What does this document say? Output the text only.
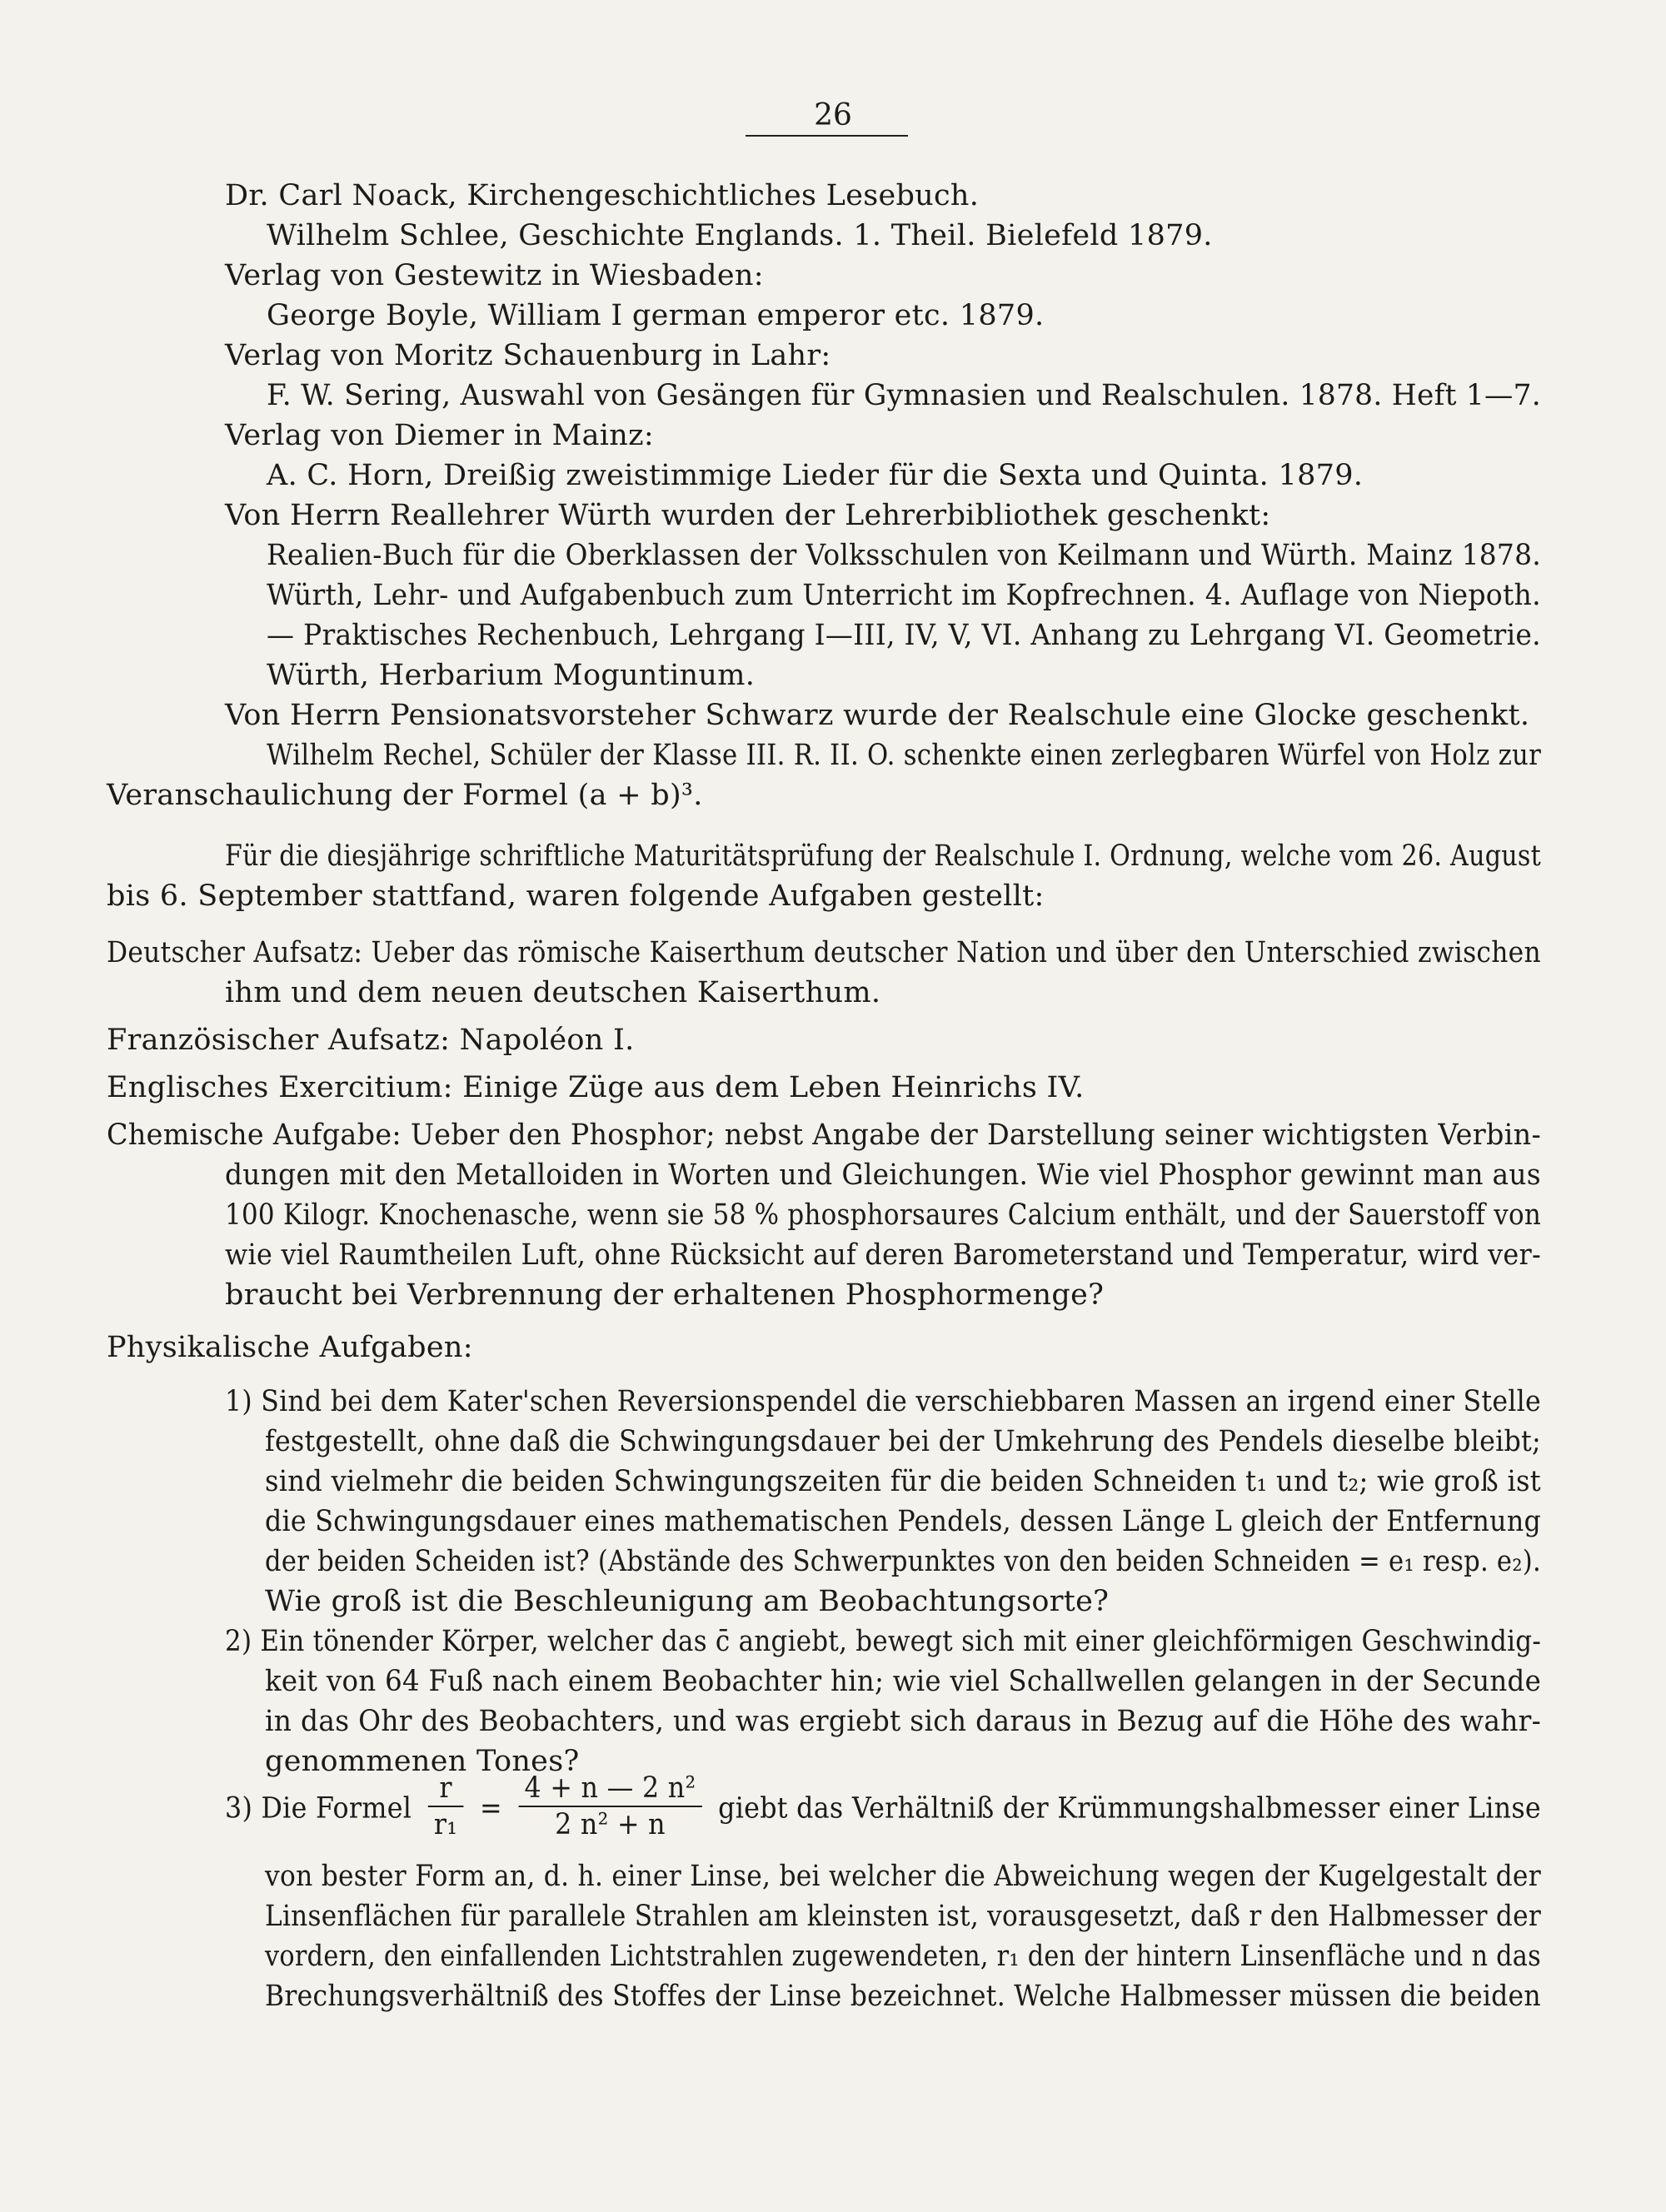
26
Dr. Carl Noack, Kirchengeschichtliches Lesebuch.
Wilhelm Schlee, Geschichte Englands. 1. Theil. Bielefeld 1879.
Verlag von Gestewitz in Wiesbaden:
George Boyle, William I german emperor etc. 1879.
Verlag von Moritz Schauenburg in Lahr:
F. W. Sering, Auswahl von Gesängen für Gymnasien und Realschulen. 1878. Heft 1—7.
Verlag von Diemer in Mainz:
A. C. Horn, Dreißig zweistimmige Lieder für die Sexta und Quinta. 1879.
Von Herrn Reallehrer Würth wurden der Lehrerbibliothek geschenkt:
Realien-Buch für die Oberklassen der Volksschulen von Keilmann und Würth. Mainz 1878.
Würth, Lehr- und Aufgabenbuch zum Unterricht im Kopfrechnen. 4. Auflage von Niepoth.
— Praktisches Rechenbuch, Lehrgang I—III, IV, V, VI. Anhang zu Lehrgang VI. Geometrie.
Würth, Herbarium Moguntinum.
Von Herrn Pensionatsvorsteher Schwarz wurde der Realschule eine Glocke geschenkt.
Wilhelm Rechel, Schüler der Klasse III. R. II. O. schenkte einen zerlegbaren Würfel von Holz zur
Veranschaulichung der Formel (a + b)³.
Für die diesjährige schriftliche Maturitätsprüfung der Realschule I. Ordnung, welche vom 26. August
bis 6. September stattfand, waren folgende Aufgaben gestellt:
Deutscher Aufsatz: Ueber das römische Kaiserthum deutscher Nation und über den Unterschied zwischen
ihm und dem neuen deutschen Kaiserthum.
Französischer Aufsatz: Napoléon I.
Englisches Exercitium: Einige Züge aus dem Leben Heinrichs IV.
Chemische Aufgabe: Ueber den Phosphor; nebst Angabe der Darstellung seiner wichtigsten Verbin-
dungen mit den Metalloiden in Worten und Gleichungen. Wie viel Phosphor gewinnt man aus
100 Kilogr. Knochenasche, wenn sie 58 % phosphorsaures Calcium enthält, und der Sauerstoff von
wie viel Raumtheilen Luft, ohne Rücksicht auf deren Barometerstand und Temperatur, wird ver-
braucht bei Verbrennung der erhaltenen Phosphormenge?
Physikalische Aufgaben:
1) Sind bei dem Kater'schen Reversionspendel die verschiebbaren Massen an irgend einer Stelle
festgestellt, ohne daß die Schwingungsdauer bei der Umkehrung des Pendels dieselbe bleibt;
sind vielmehr die beiden Schwingungszeiten für die beiden Schneiden t₁ und t₂; wie groß ist
die Schwingungsdauer eines mathematischen Pendels, dessen Länge L gleich der Entfernung
der beiden Scheiden ist? (Abstände des Schwerpunktes von den beiden Schneiden = e₁ resp. e₂).
Wie groß ist die Beschleunigung am Beobachtungsorte?
2) Ein tönender Körper, welcher das c̄ angiebt, bewegt sich mit einer gleichförmigen Geschwindig-
keit von 64 Fuß nach einem Beobachter hin; wie viel Schallwellen gelangen in der Secunde
in das Ohr des Beobachters, und was ergiebt sich daraus in Bezug auf die Höhe des wahr-
genommenen Tones?
von bester Form an, d. h. einer Linse, bei welcher die Abweichung wegen der Kugelgestalt der
Linsenflächen für parallele Strahlen am kleinsten ist, vorausgesetzt, daß r den Halbmesser der
vordern, den einfallenden Lichtstrahlen zugewendeten, r₁ den der hintern Linsenfläche und n das
Brechungsverhältniß des Stoffes der Linse bezeichnet. Welche Halbmesser müssen die beiden
3) Die Formel $\frac{r}{\text{r₁}} = \frac{\text{4 + n — 2 n²}}{\text{2 n² + n}}$ giebt das Verhältniß der Krümmungshalbmesser einer Linse
